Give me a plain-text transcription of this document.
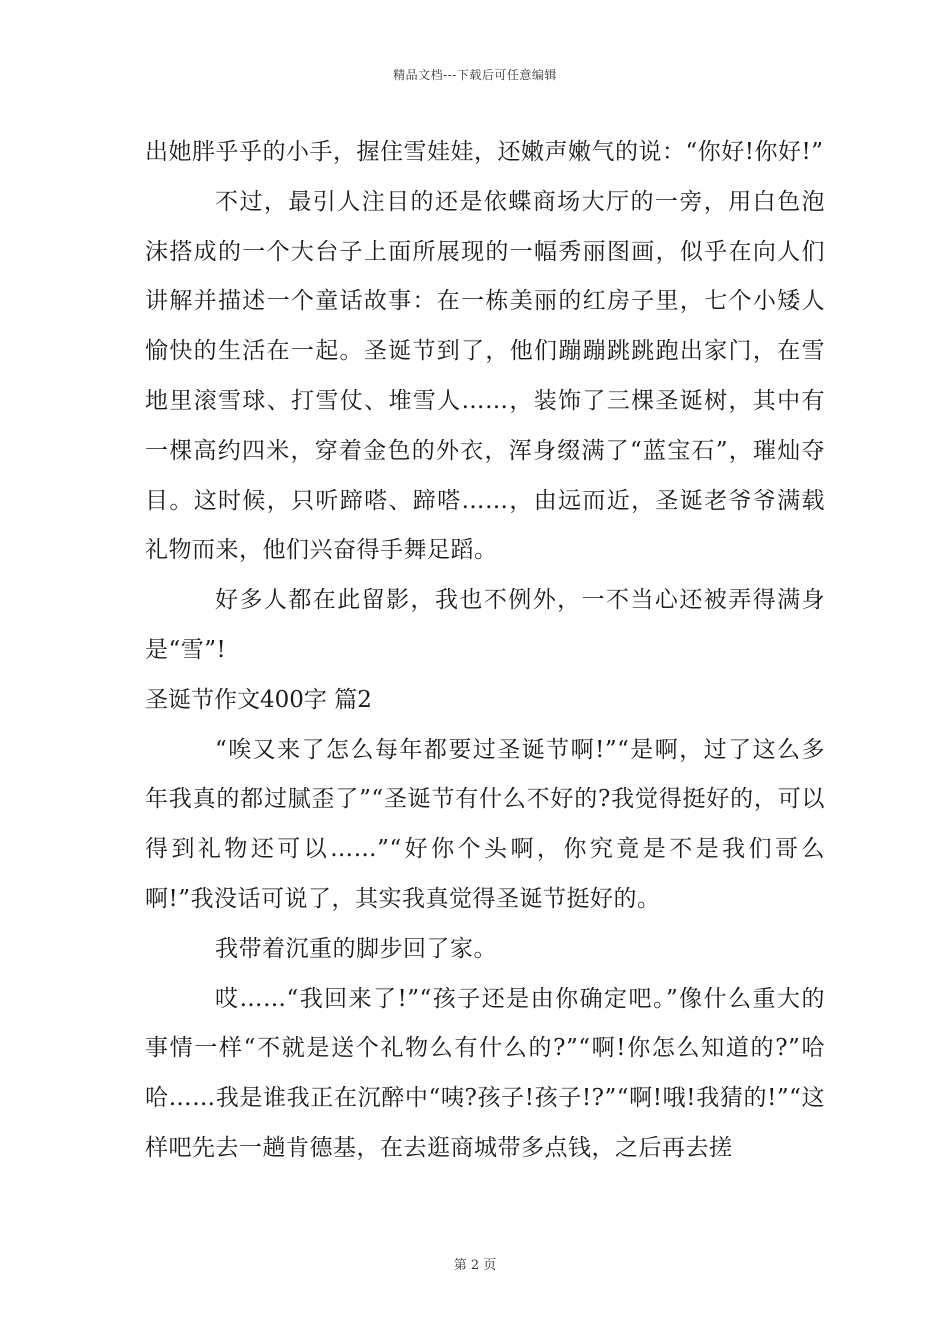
精品文档---下载后可任意编辑

出她胖乎乎的小手，握住雪娃娃，还嫩声嫩气的说：“你好!你好!”

不过，最引人注目的还是依蝶商场大厅的一旁，用白色泡沫搭成的一个大台子上面所展现的一幅秀丽图画，似乎在向人们讲解并描述一个童话故事：在一栋美丽的红房子里，七个小矮人愉快的生活在一起。圣诞节到了，他们蹦蹦跳跳跑出家门，在雪地里滚雪球、打雪仗、堆雪人……，装饰了三棵圣诞树，其中有一棵高约四米，穿着金色的外衣，浑身缀满了“蓝宝石”，璀灿夺目。这时候，只听蹄嗒、蹄嗒……，由远而近，圣诞老爷爷满载礼物而来，他们兴奋得手舞足蹈。

好多人都在此留影，我也不例外，一不当心还被弄得满身是“雪”!

圣诞节作文400字 篇2

“唉又来了怎么每年都要过圣诞节啊!”“是啊，过了这么多年我真的都过腻歪了”“圣诞节有什么不好的?我觉得挺好的，可以得到礼物还可以……”“好你个头啊，你究竟是不是我们哥么啊!”我没话可说了，其实我真觉得圣诞节挺好的。

我带着沉重的脚步回了家。

哎……“我回来了!”“孩子还是由你确定吧。”像什么重大的事情一样“不就是送个礼物么有什么的?”“啊!你怎么知道的?”哈哈……我是谁我正在沉醉中“咦?孩子!孩子!?”“啊!哦!我猜的!”“这样吧先去一趟肯德基，在去逛商城带多点钱，之后再去搓

第 2 页
